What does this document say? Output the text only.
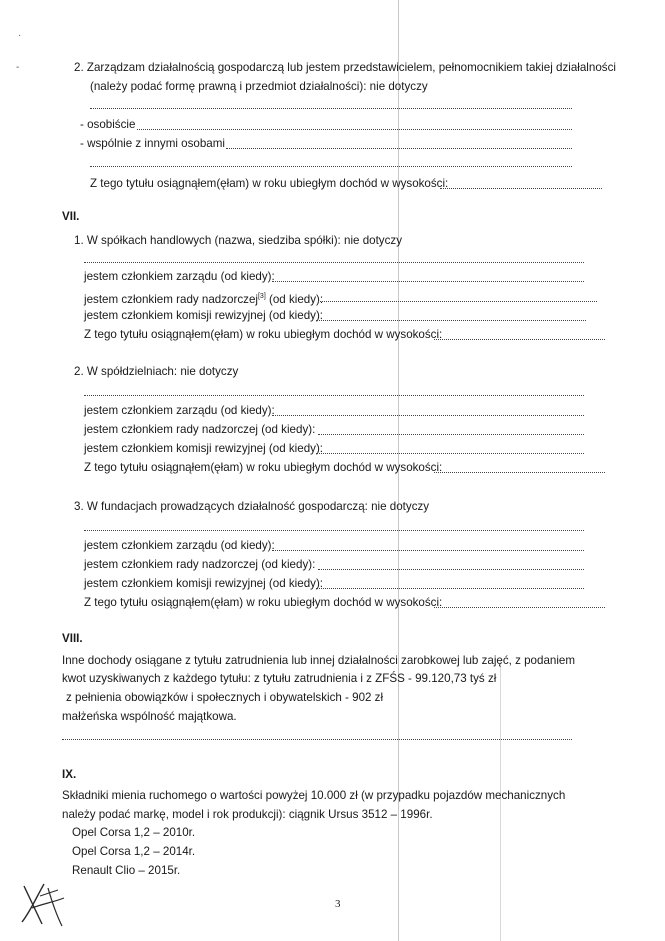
·
-	2. Zarządzam działalnością gospodarczą lub jestem przedstawicielem, pełnomocnikiem takiej działalności
(należy podać formę prawną i przedmiot działalności): nie dotyczy
- osobiście
- wspólnie z innymi osobami
Z tego tytułu osiągnąłem(ęłam) w roku ubiegłym dochód w wysokości:
VII.
1. W spółkach handlowych (nazwa, siedziba spółki): nie dotyczy
jestem członkiem zarządu (od kiedy):
jestem członkiem rady nadzorczej[3] (od kiedy):
jestem członkiem komisji rewizyjnej (od kiedy):
Z tego tytułu osiągnąłem(ęłam) w roku ubiegłym dochód w wysokości:
2. W spółdzielniach: nie dotyczy
jestem członkiem zarządu (od kiedy):
jestem członkiem rady nadzorczej (od kiedy):
jestem członkiem komisji rewizyjnej (od kiedy):
Z tego tytułu osiągnąłem(ęłam) w roku ubiegłym dochód w wysokości:
3. W fundacjach prowadzących działalność gospodarczą: nie dotyczy
jestem członkiem zarządu (od kiedy):
jestem członkiem rady nadzorczej (od kiedy):
jestem członkiem komisji rewizyjnej (od kiedy):
Z tego tytułu osiągnąłem(ęłam) w roku ubiegłym dochód w wysokości:
VIII.
Inne dochody osiągane z tytułu zatrudnienia lub innej działalności zarobkowej lub zajęć, z podaniem
kwot uzyskiwanych z każdego tytułu: z tytułu zatrudnienia i z ZFŚS - 99.120,73 tyś zł
z pełnienia obowiązków i społecznych i obywatelskich - 902 zł
małżeńska wspólność majątkowa.
IX.
Składniki mienia ruchomego o wartości powyżej 10.000 zł (w przypadku pojazdów mechanicznych
należy podać markę, model i rok produkcji): ciągnik Ursus 3512 – 1996r.
Opel Corsa 1,2 – 2010r.
Opel Corsa 1,2 – 2014r.
Renault Clio – 2015r.
3
